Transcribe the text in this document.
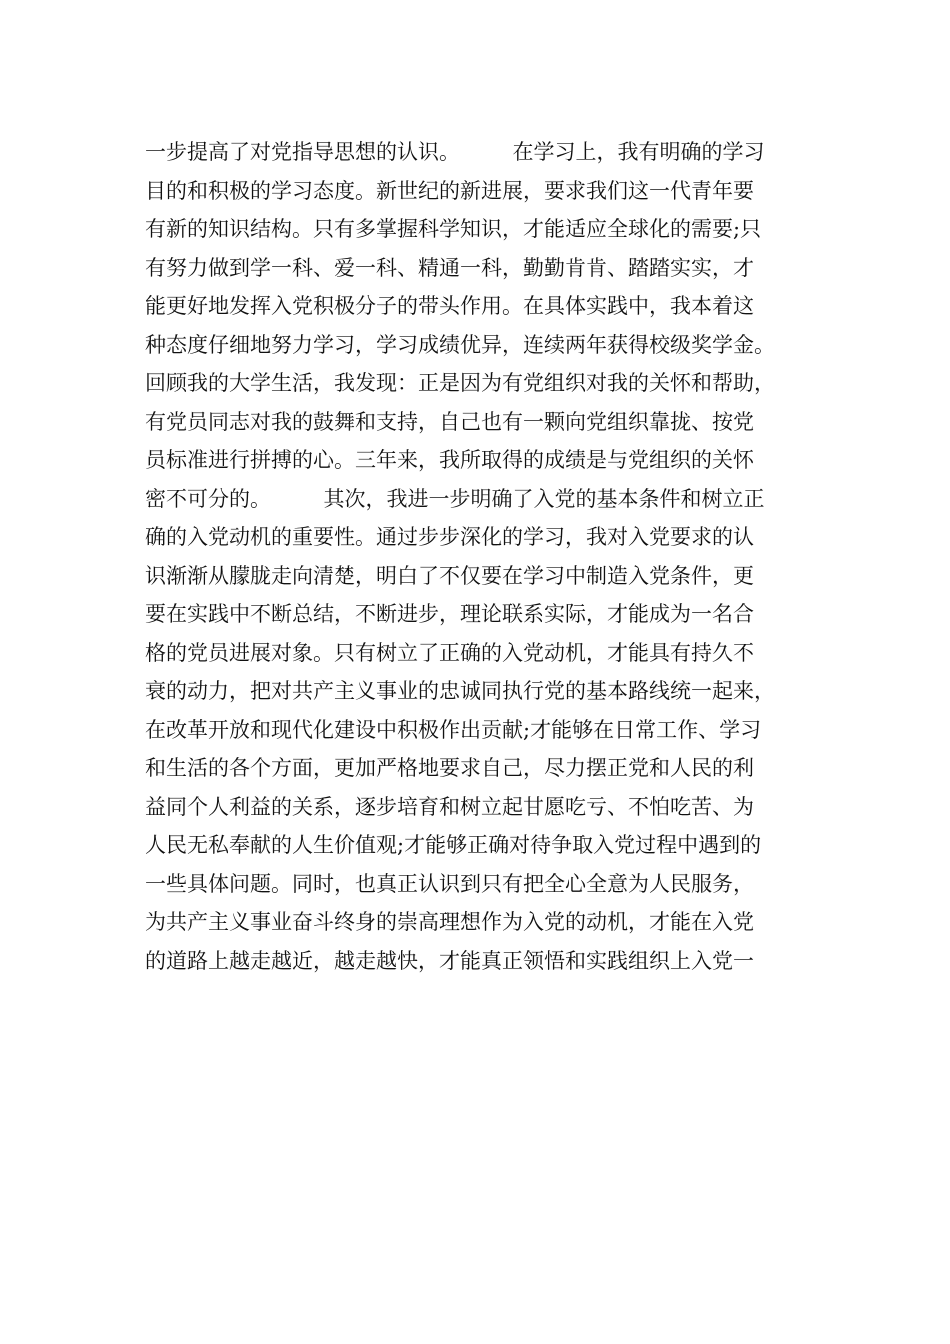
一步提高了对党指导思想的认识。　　　在学习上，我有明确的学习
目的和积极的学习态度。新世纪的新进展，要求我们这一代青年要
有新的知识结构。只有多掌握科学知识，才能适应全球化的需要;只
有努力做到学一科、爱一科、精通一科，勤勤肯肯、踏踏实实，才
能更好地发挥入党积极分子的带头作用。在具体实践中，我本着这
种态度仔细地努力学习，学习成绩优异，连续两年获得校级奖学金。
回顾我的大学生活，我发现：正是因为有党组织对我的关怀和帮助，
有党员同志对我的鼓舞和支持，自己也有一颗向党组织靠拢、按党
员标准进行拼搏的心。三年来，我所取得的成绩是与党组织的关怀
密不可分的。　　　其次，我进一步明确了入党的基本条件和树立正
确的入党动机的重要性。通过步步深化的学习，我对入党要求的认
识渐渐从朦胧走向清楚，明白了不仅要在学习中制造入党条件，更
要在实践中不断总结，不断进步，理论联系实际，才能成为一名合
格的党员进展对象。只有树立了正确的入党动机，才能具有持久不
衰的动力，把对共产主义事业的忠诚同执行党的基本路线统一起来，
在改革开放和现代化建设中积极作出贡献;才能够在日常工作、学习
和生活的各个方面，更加严格地要求自己，尽力摆正党和人民的利
益同个人利益的关系，逐步培育和树立起甘愿吃亏、不怕吃苦、为
人民无私奉献的人生价值观;才能够正确对待争取入党过程中遇到的
一些具体问题。同时，也真正认识到只有把全心全意为人民服务，
为共产主义事业奋斗终身的崇高理想作为入党的动机，才能在入党
的道路上越走越近，越走越快，才能真正领悟和实践组织上入党一
